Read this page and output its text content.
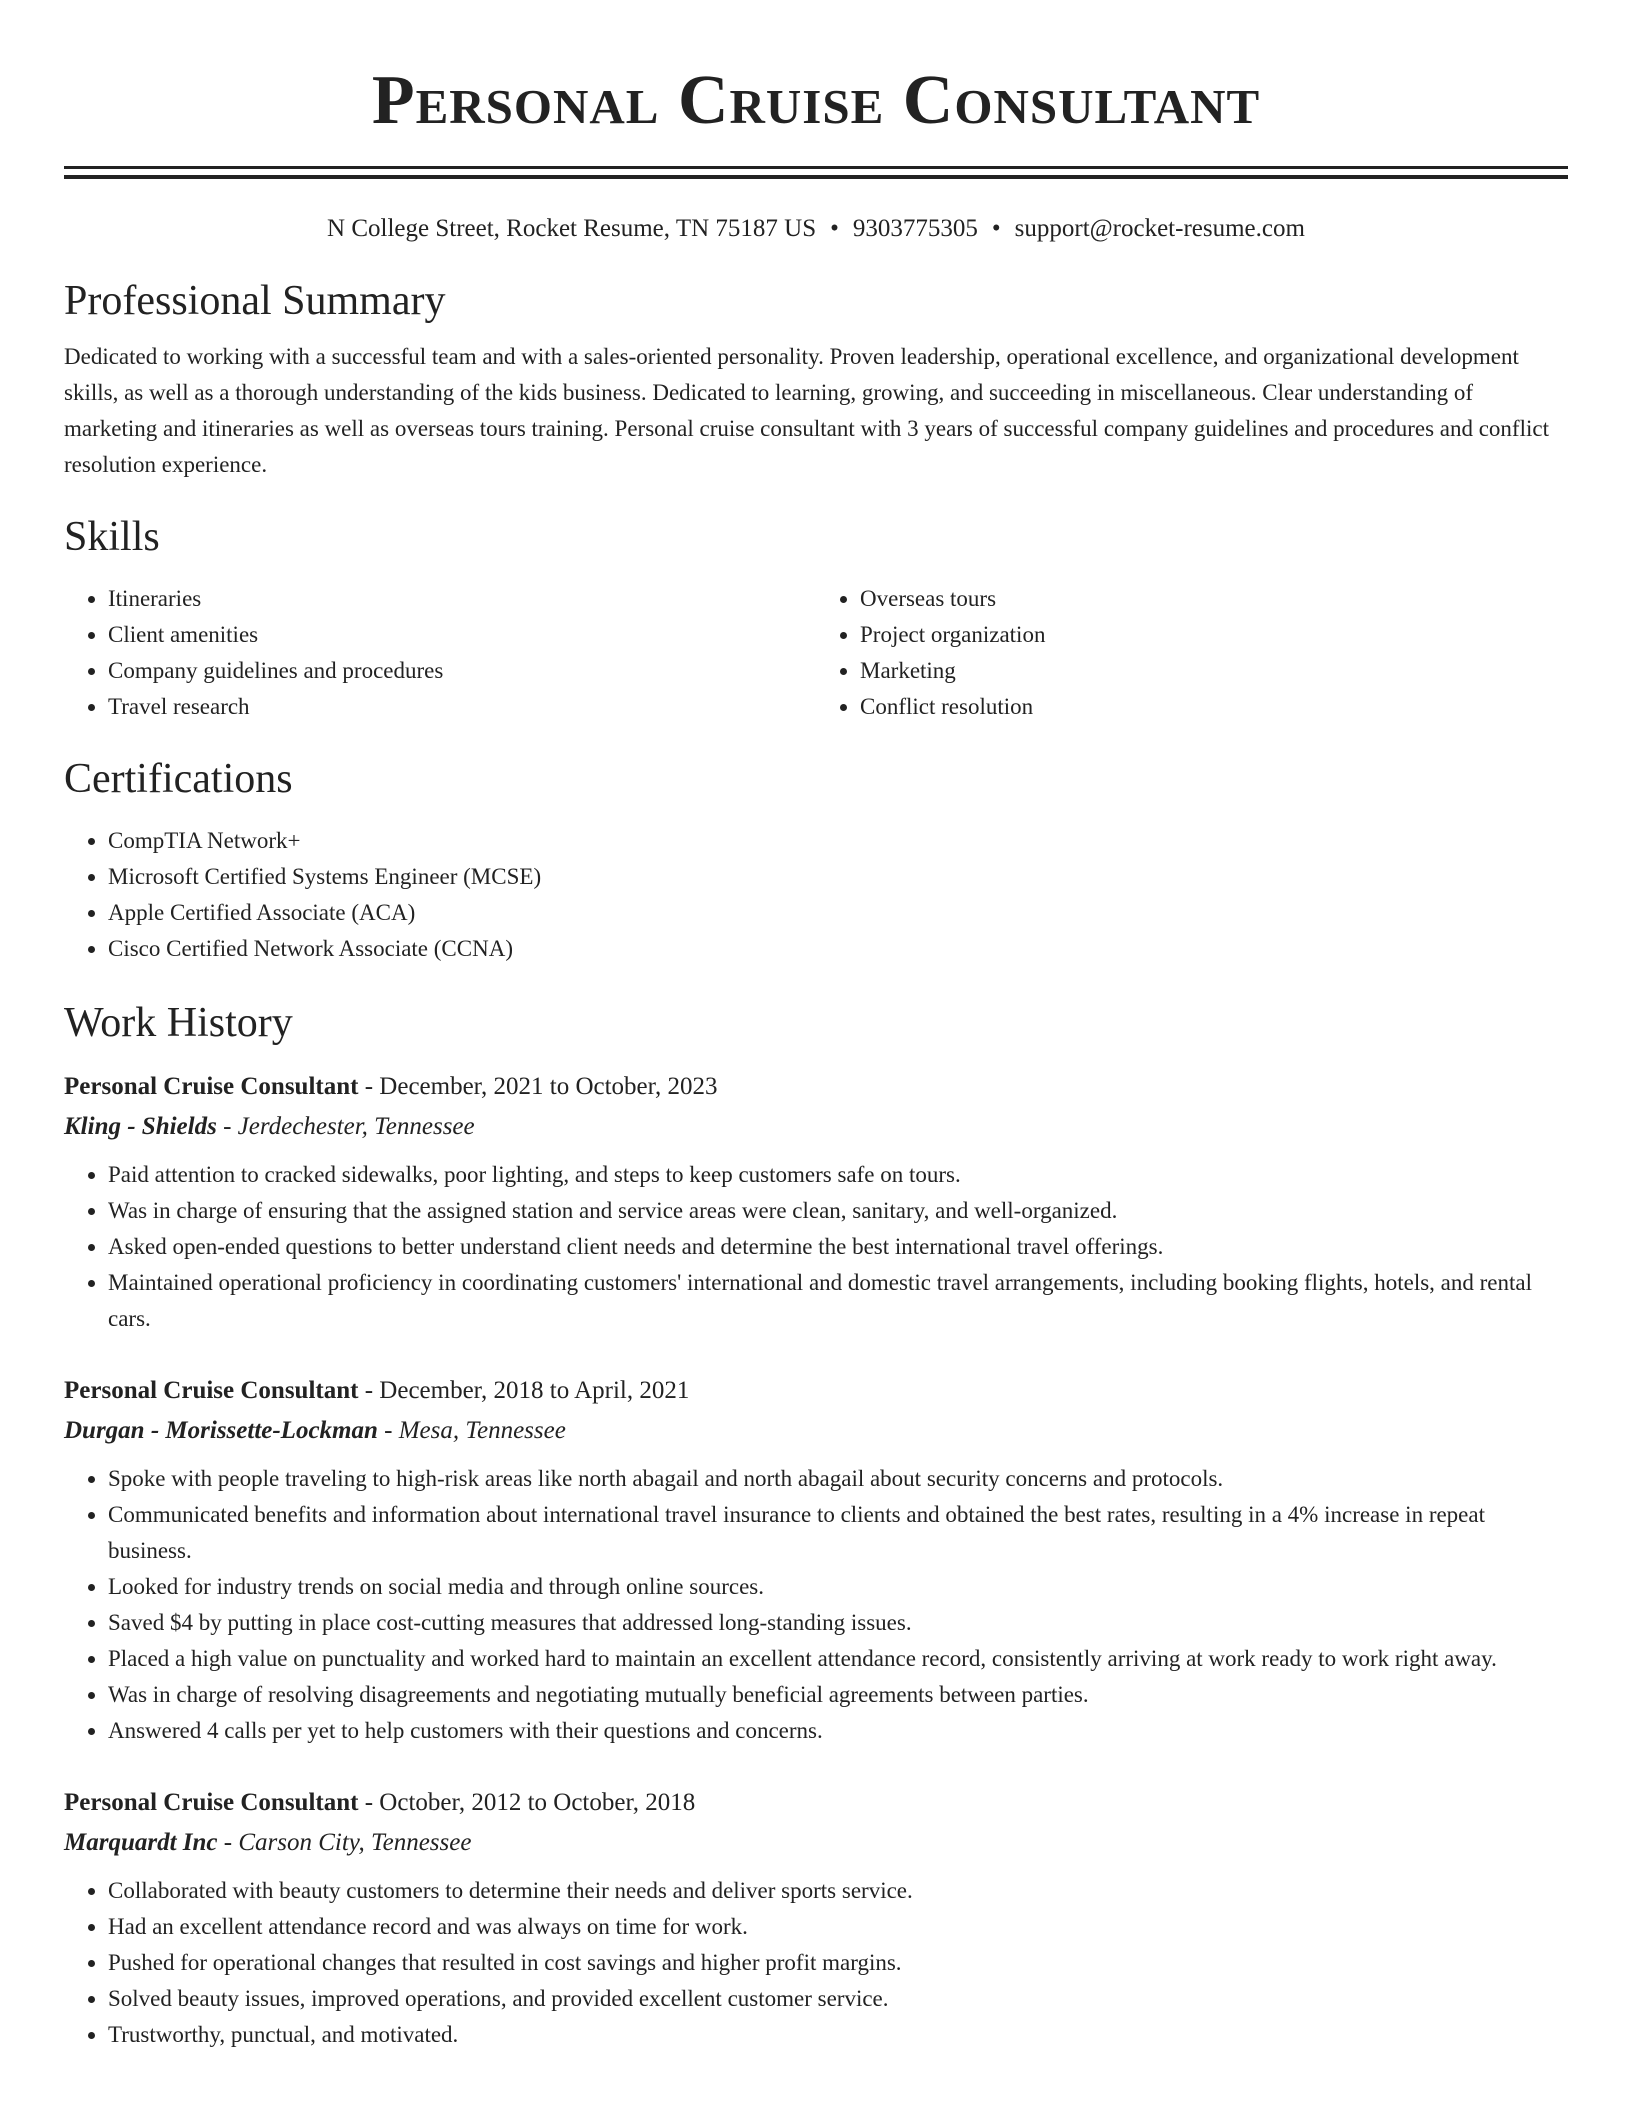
Personal Cruise Consultant
N College Street, Rocket Resume, TN 75187 US • 9303775305 • support@rocket-resume.com
Professional Summary
Dedicated to working with a successful team and with a sales-oriented personality. Proven leadership, operational excellence, and organizational development skills, as well as a thorough understanding of the kids business. Dedicated to learning, growing, and succeeding in miscellaneous. Clear understanding of marketing and itineraries as well as overseas tours training. Personal cruise consultant with 3 years of successful company guidelines and procedures and conflict resolution experience.
Skills
• Itineraries
• Client amenities
• Company guidelines and procedures
• Travel research
• Overseas tours
• Project organization
• Marketing
• Conflict resolution
Certifications
• CompTIA Network+
• Microsoft Certified Systems Engineer (MCSE)
• Apple Certified Associate (ACA)
• Cisco Certified Network Associate (CCNA)
Work History
Personal Cruise Consultant - December, 2021 to October, 2023
Kling - Shields - Jerdechester, Tennessee
• Paid attention to cracked sidewalks, poor lighting, and steps to keep customers safe on tours.
• Was in charge of ensuring that the assigned station and service areas were clean, sanitary, and well-organized.
• Asked open-ended questions to better understand client needs and determine the best international travel offerings.
• Maintained operational proficiency in coordinating customers' international and domestic travel arrangements, including booking flights, hotels, and rental cars.
Personal Cruise Consultant - December, 2018 to April, 2021
Durgan - Morissette-Lockman - Mesa, Tennessee
• Spoke with people traveling to high-risk areas like north abagail and north abagail about security concerns and protocols.
• Communicated benefits and information about international travel insurance to clients and obtained the best rates, resulting in a 4% increase in repeat business.
• Looked for industry trends on social media and through online sources.
• Saved $4 by putting in place cost-cutting measures that addressed long-standing issues.
• Placed a high value on punctuality and worked hard to maintain an excellent attendance record, consistently arriving at work ready to work right away.
• Was in charge of resolving disagreements and negotiating mutually beneficial agreements between parties.
• Answered 4 calls per yet to help customers with their questions and concerns.
Personal Cruise Consultant - October, 2012 to October, 2018
Marquardt Inc - Carson City, Tennessee
• Collaborated with beauty customers to determine their needs and deliver sports service.
• Had an excellent attendance record and was always on time for work.
• Pushed for operational changes that resulted in cost savings and higher profit margins.
• Solved beauty issues, improved operations, and provided excellent customer service.
• Trustworthy, punctual, and motivated.
